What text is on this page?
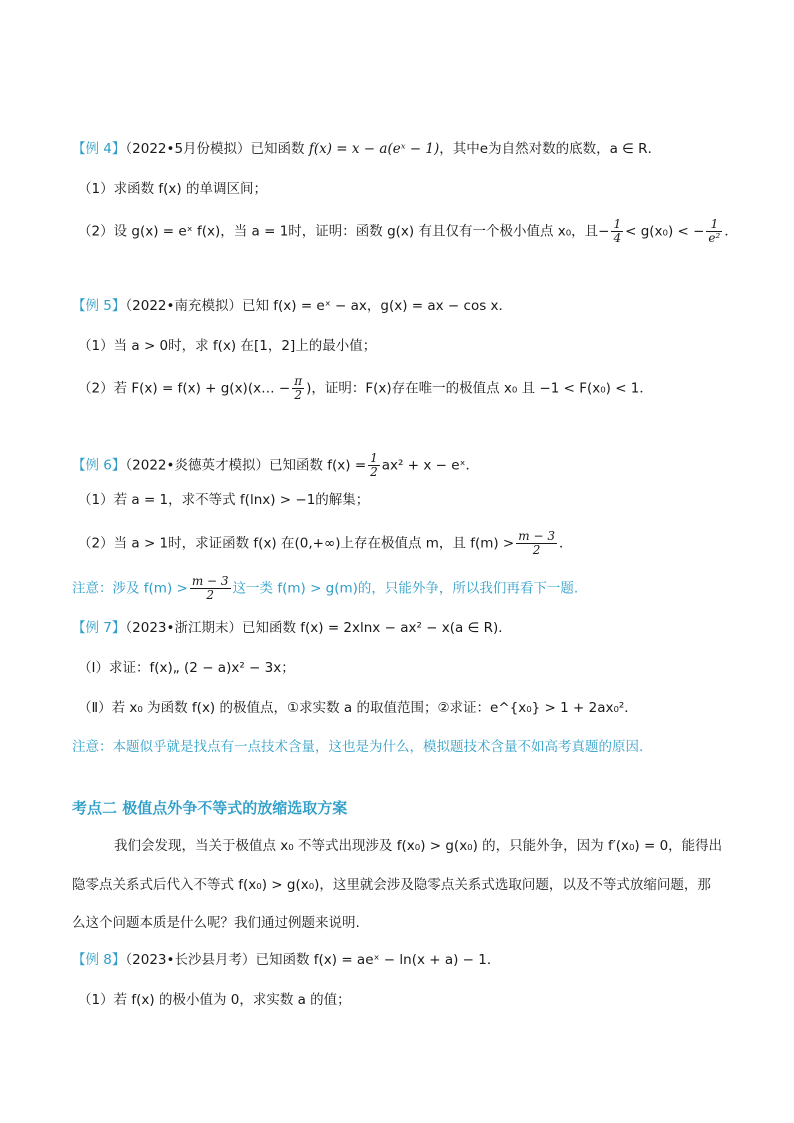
【例 4】（2022•5月份模拟）已知函数 f(x) = x − a(eˣ − 1)，其中e为自然对数的底数，a ∈ R．
（1）求函数 f(x) 的单调区间；
（2）设 g(x) = eˣ f(x)，当 a = 1时，证明：函数 g(x) 有且仅有一个极小值点 x₀，且− $\frac{1}{4} < g(x_0)$ < − $\frac{1}{\text{e²}}$ ．
【例 5】（2022•南充模拟）已知 f(x) = eˣ − ax，g(x) = ax − cos x．
（1）当 a > 0时，求 f(x) 在[1，2]上的最小值；
（2）若 F(x) = f(x) + g(x)(x… − $\frac{\pi}{2}$ )，证明：F(x)存在唯一的极值点 x₀ 且 −1 < F(x₀) < 1．
【例 6】（2022•炎德英才模拟）已知函数 $f(x) = \frac{1}{2} ax^2 + x$ − eˣ．
（1）若 a = 1，求不等式 f(lnx) > −1的解集；
（2）当 a > 1时，求证函数 f(x) 在(0,+∞)上存在极值点 m，且 $f(m) > \frac{m - 3}{2}$ ．
注意：涉及 $f(m) > \frac{m - 3}{2}$ 这一类 f(m) > g(m)的，只能外争，所以我们再看下一题.
【例 7】（2023•浙江期末）已知函数 f(x) = 2xlnx − ax² − x(a ∈ R)．
（Ⅰ）求证：f(x)„ (2 − a)x² − 3x；
（Ⅱ）若 x₀ 为函数 f(x) 的极值点，①求实数 a 的取值范围；②求证：e^{x₀} > 1 + 2ax₀²．
注意：本题似乎就是找点有一点技术含量，这也是为什么，模拟题技术含量不如高考真题的原因.
考点二 极值点外争不等式的放缩选取方案
我们会发现，当关于极值点 x₀ 不等式出现涉及 f(x₀) > g(x₀) 的，只能外争，因为 f′(x₀) = 0，能得出
隐零点关系式后代入不等式 f(x₀) > g(x₀)，这里就会涉及隐零点关系式选取问题，以及不等式放缩问题，那
么这个问题本质是什么呢？我们通过例题来说明.
【例 8】（2023•长沙县月考）已知函数 f(x) = aeˣ − ln(x + a) − 1．
（1）若 f(x) 的极小值为 0，求实数 a 的值；
